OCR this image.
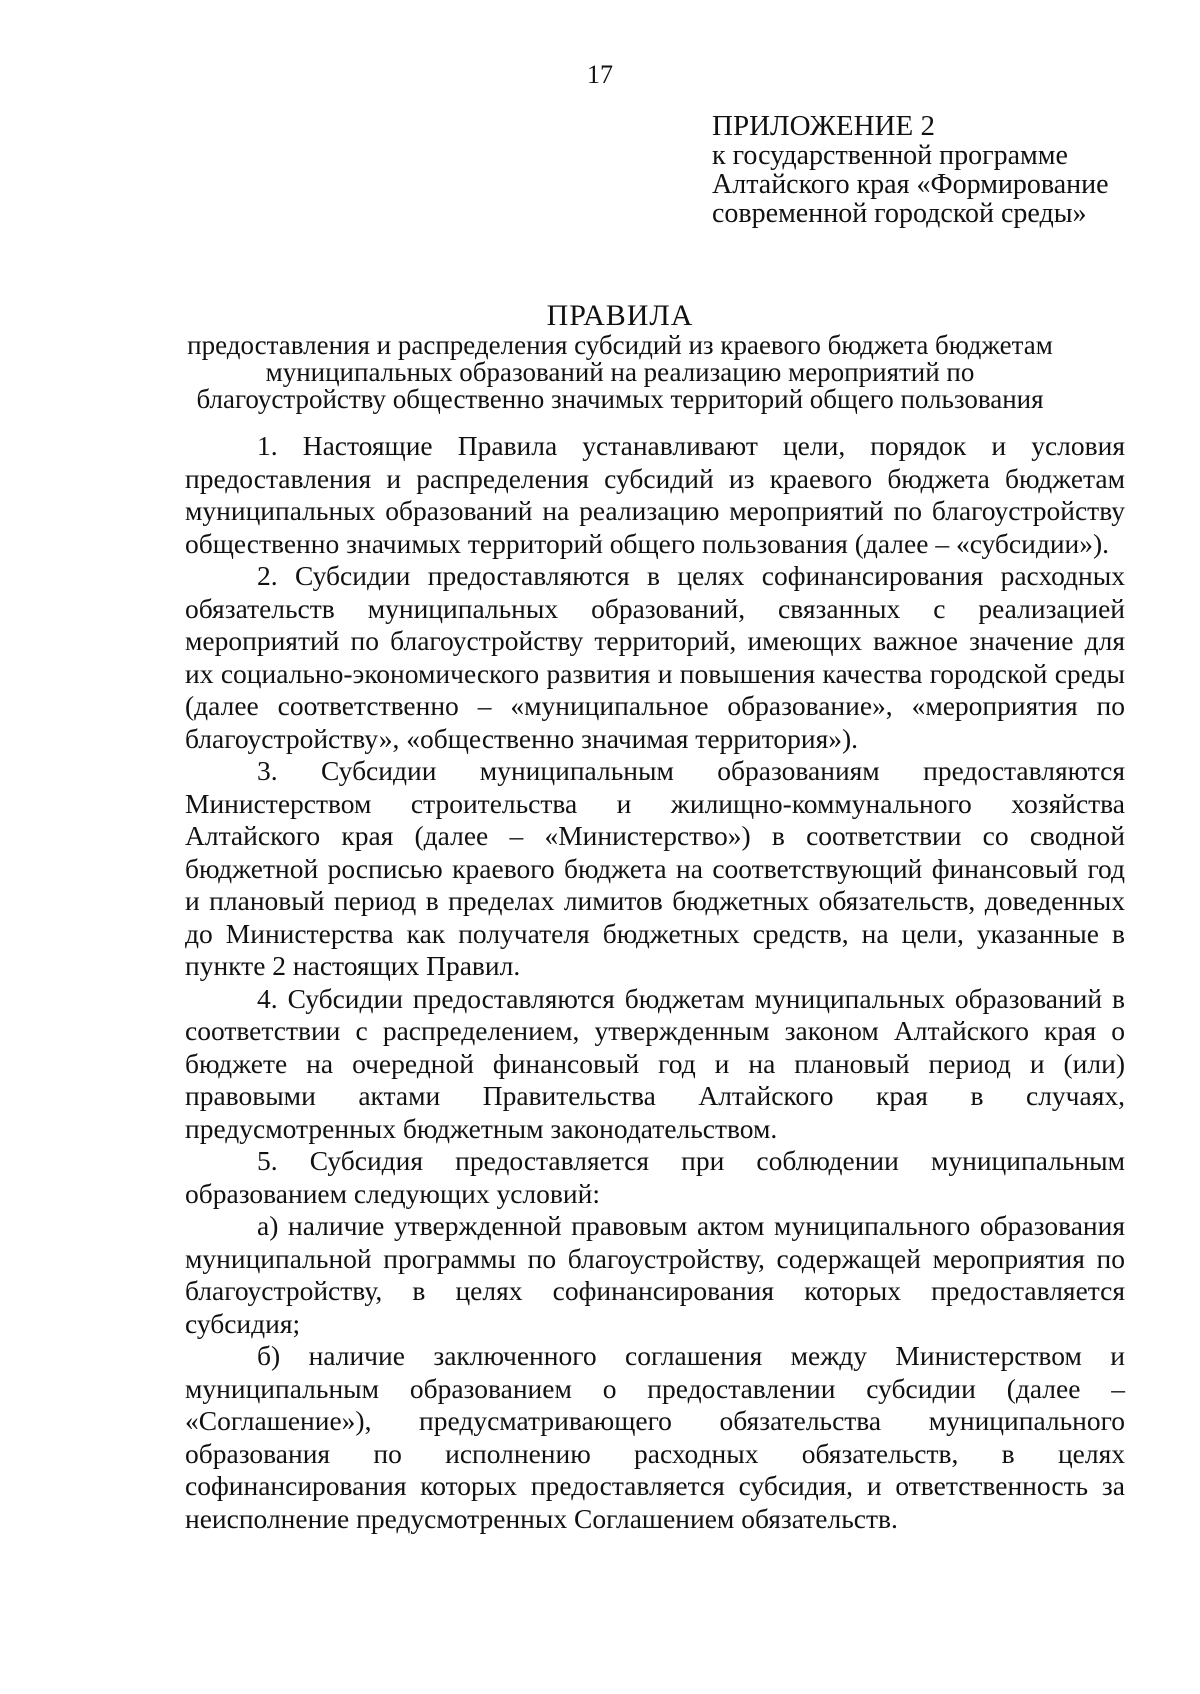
17
ПРИЛОЖЕНИЕ 2
к государственной программе
Алтайского края «Формирование
современной городской среды»
ПРАВИЛА
предоставления и распределения субсидий из краевого бюджета бюджетам
муниципальных образований на реализацию мероприятий по
благоустройству общественно значимых территорий общего пользования

1. Настоящие Правила устанавливают цели, порядок и условия предоставления и распределения субсидий из краевого бюджета бюджетам муниципальных образований на реализацию мероприятий по благоустройству общественно значимых территорий общего пользования (далее – «субсидии»).

2. Субсидии предоставляются в целях софинансирования расходных обязательств муниципальных образований, связанных с реализацией мероприятий по благоустройству территорий, имеющих важное значение для их социально-экономического развития и повышения качества городской среды (далее соответственно – «муниципальное образование», «мероприятия по благоустройству», «общественно значимая территория»).

3. Субсидии муниципальным образованиям предоставляются Министерством строительства и жилищно-коммунального хозяйства Алтайского края (далее – «Министерство») в соответствии со сводной бюджетной росписью краевого бюджета на соответствующий финансовый год и плановый период в пределах лимитов бюджетных обязательств, доведенных до Министерства как получателя бюджетных средств, на цели, указанные в пункте 2 настоящих Правил.

4. Субсидии предоставляются бюджетам муниципальных образований в соответствии с распределением, утвержденным законом Алтайского края о бюджете на очередной финансовый год и на плановый период и (или) правовыми актами Правительства Алтайского края в случаях, предусмотренных бюджетным законодательством.

5. Субсидия предоставляется при соблюдении муниципальным образованием следующих условий:

а) наличие утвержденной правовым актом муниципального образования муниципальной программы по благоустройству, содержащей мероприятия по благоустройству, в целях софинансирования которых предоставляется субсидия;

б) наличие заключенного соглашения между Министерством и муниципальным образованием о предоставлении субсидии (далее – «Соглашение»), предусматривающего обязательства муниципального образования по исполнению расходных обязательств, в целях софинансирования которых предоставляется субсидия, и ответственность за неисполнение предусмотренных Соглашением обязательств.
